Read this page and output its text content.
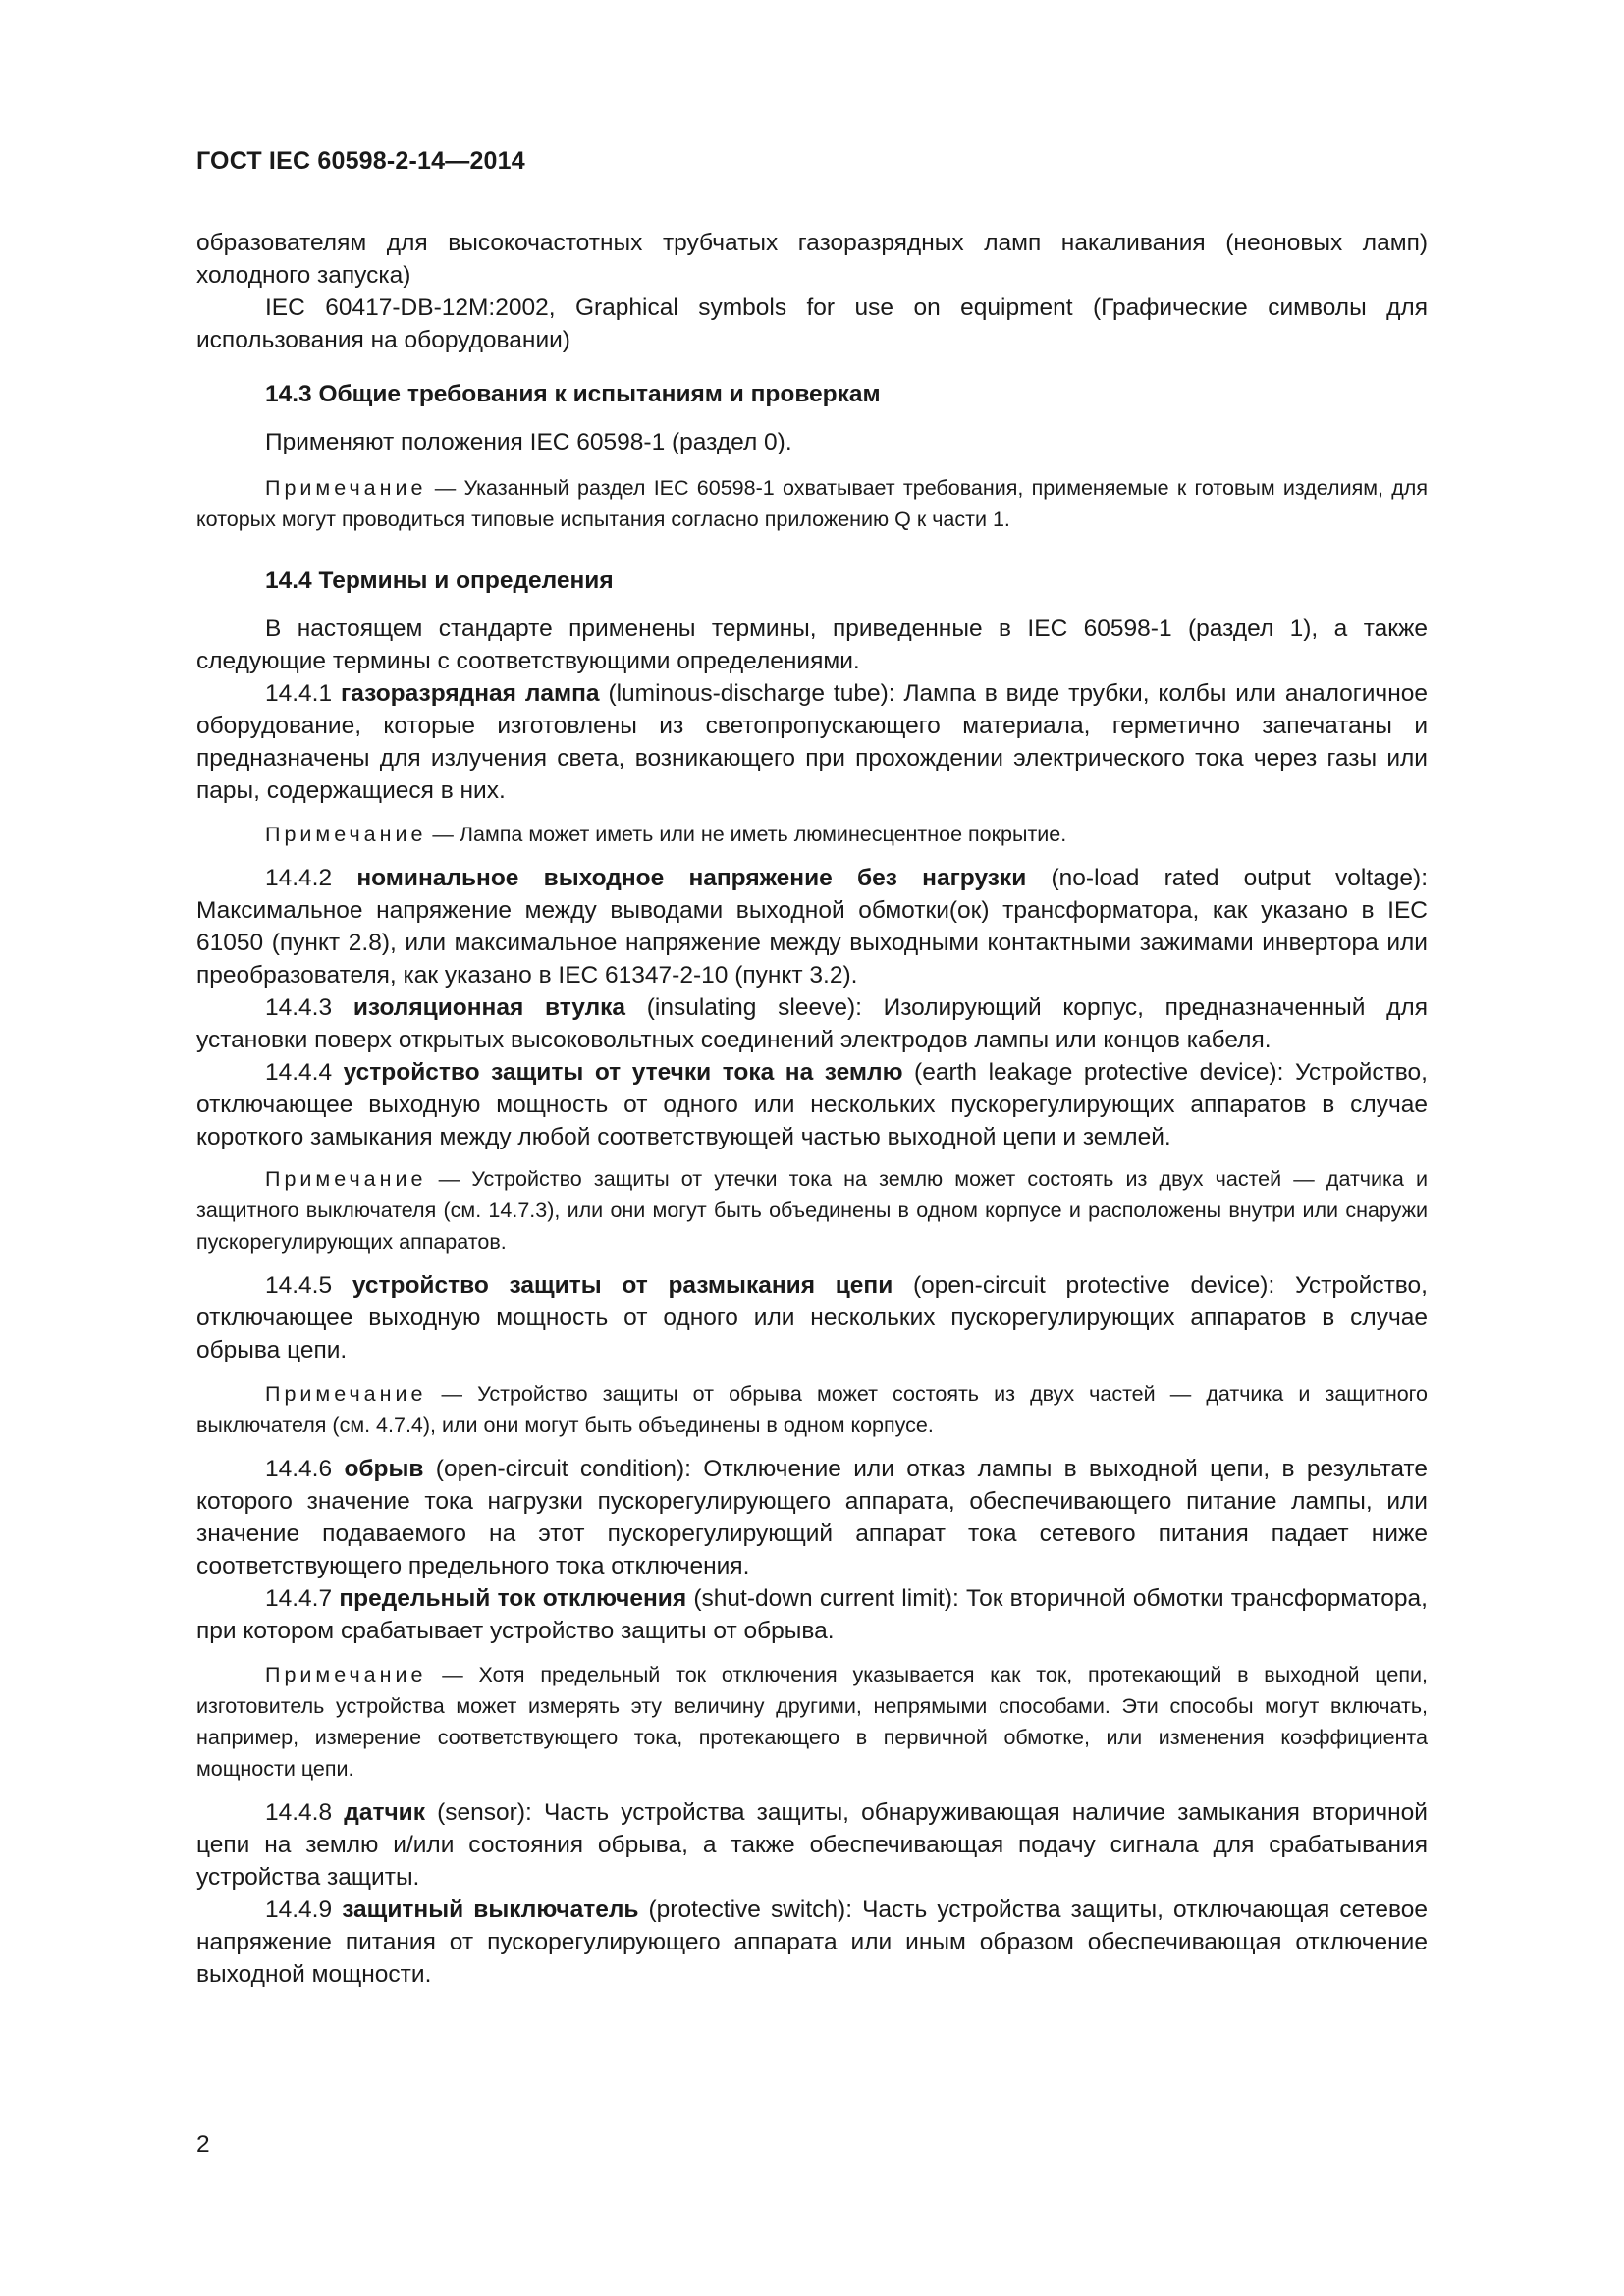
ГОСТ IEC 60598-2-14—2014

образователям для высокочастотных трубчатых газоразрядных ламп накаливания (неоновых ламп) холодного запуска)

IEC 60417-DB-12M:2002, Graphical symbols for use on equipment (Графические символы для использования на оборудовании)

14.3 Общие требования к испытаниям и проверкам

Применяют положения IEC 60598-1 (раздел 0).

Примечание — Указанный раздел IEC 60598-1 охватывает требования, применяемые к готовым изделиям, для которых могут проводиться типовые испытания согласно приложению Q к части 1.

14.4 Термины и определения

В настоящем стандарте применены термины, приведенные в IEC 60598-1 (раздел 1), а также следующие термины с соответствующими определениями.

14.4.1 газоразрядная лампа (luminous-discharge tube): Лампа в виде трубки, колбы или аналогичное оборудование, которые изготовлены из светопропускающего материала, герметично запечатаны и предназначены для излучения света, возникающего при прохождении электрического тока через газы или пары, содержащиеся в них.

Примечание — Лампа может иметь или не иметь люминесцентное покрытие.

14.4.2 номинальное выходное напряжение без нагрузки (no-load rated output voltage): Максимальное напряжение между выводами выходной обмотки(ок) трансформатора, как указано в IEC 61050 (пункт 2.8), или максимальное напряжение между выходными контактными зажимами инвертора или преобразователя, как указано в IEC 61347-2-10 (пункт 3.2).

14.4.3 изоляционная втулка (insulating sleeve): Изолирующий корпус, предназначенный для установки поверх открытых высоковольтных соединений электродов лампы или концов кабеля.

14.4.4 устройство защиты от утечки тока на землю (earth leakage protective device): Устройство, отключающее выходную мощность от одного или нескольких пускорегулирующих аппаратов в случае короткого замыкания между любой соответствующей частью выходной цепи и землей.

Примечание — Устройство защиты от утечки тока на землю может состоять из двух частей — датчика и защитного выключателя (см. 14.7.3), или они могут быть объединены в одном корпусе и расположены внутри или снаружи пускорегулирующих аппаратов.

14.4.5 устройство защиты от размыкания цепи (open-circuit protective device): Устройство, отключающее выходную мощность от одного или нескольких пускорегулирующих аппаратов в случае обрыва цепи.

Примечание — Устройство защиты от обрыва может состоять из двух частей — датчика и защитного выключателя (см. 4.7.4), или они могут быть объединены в одном корпусе.

14.4.6 обрыв (open-circuit condition): Отключение или отказ лампы в выходной цепи, в результате которого значение тока нагрузки пускорегулирующего аппарата, обеспечивающего питание лампы, или значение подаваемого на этот пускорегулирующий аппарат тока сетевого питания падает ниже соответствующего предельного тока отключения.

14.4.7 предельный ток отключения (shut-down current limit): Ток вторичной обмотки трансформатора, при котором срабатывает устройство защиты от обрыва.

Примечание — Хотя предельный ток отключения указывается как ток, протекающий в выходной цепи, изготовитель устройства может измерять эту величину другими, непрямыми способами. Эти способы могут включать, например, измерение соответствующего тока, протекающего в первичной обмотке, или изменения коэффициента мощности цепи.

14.4.8 датчик (sensor): Часть устройства защиты, обнаруживающая наличие замыкания вторичной цепи на землю и/или состояния обрыва, а также обеспечивающая подачу сигнала для срабатывания устройства защиты.

14.4.9 защитный выключатель (protective switch): Часть устройства защиты, отключающая сетевое напряжение питания от пускорегулирующего аппарата или иным образом обеспечивающая отключение выходной мощности.

2
